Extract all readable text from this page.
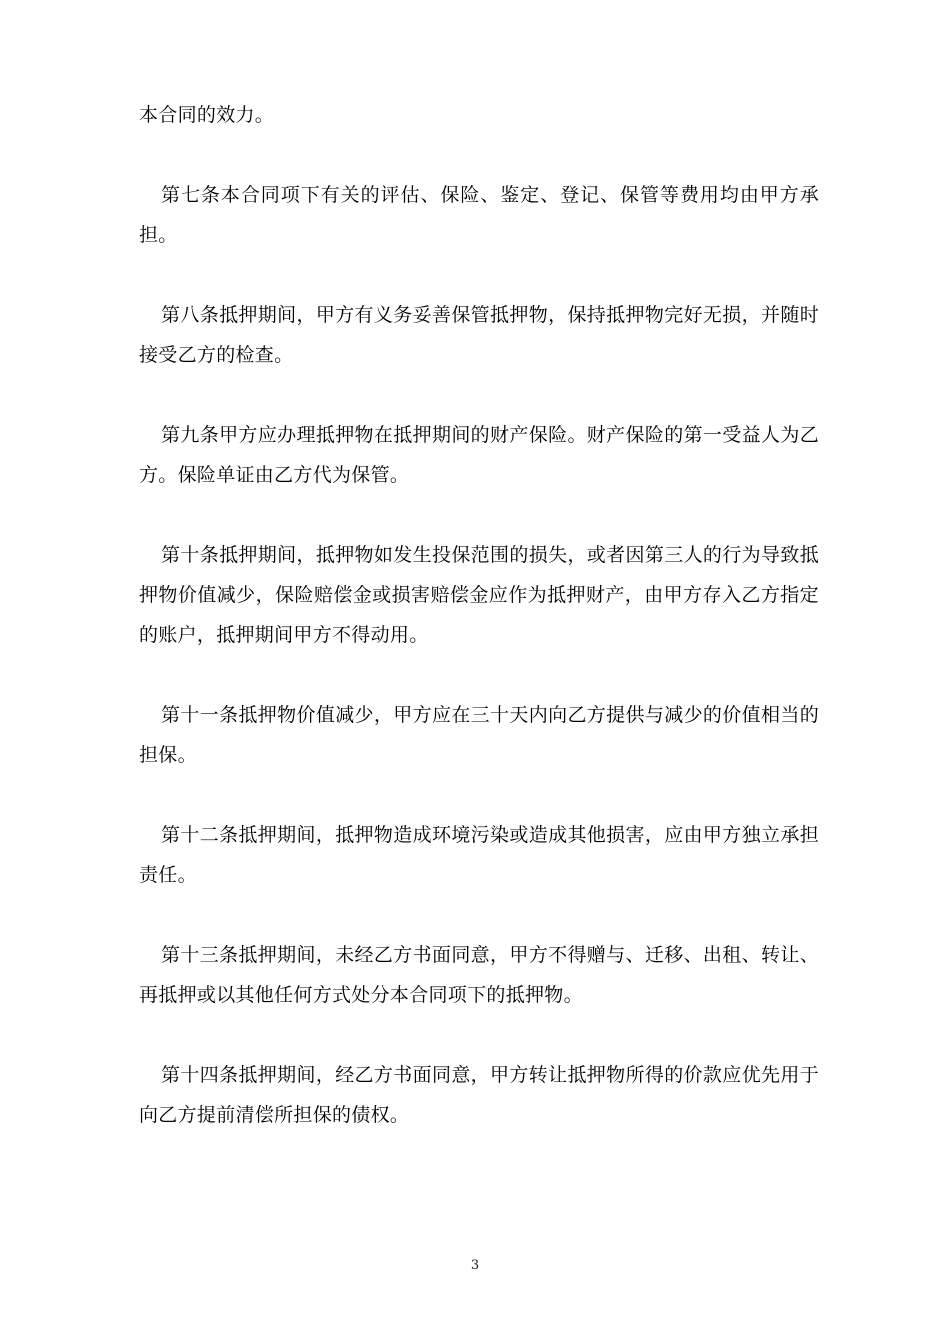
本合同的效力。

第七条本合同项下有关的评估、保险、鉴定、登记、保管等费用均由甲方承担。

第八条抵押期间，甲方有义务妥善保管抵押物，保持抵押物完好无损，并随时接受乙方的检查。

第九条甲方应办理抵押物在抵押期间的财产保险。财产保险的第一受益人为乙方。保险单证由乙方代为保管。

第十条抵押期间，抵押物如发生投保范围的损失，或者因第三人的行为导致抵押物价值减少，保险赔偿金或损害赔偿金应作为抵押财产，由甲方存入乙方指定的账户，抵押期间甲方不得动用。

第十一条抵押物价值减少，甲方应在三十天内向乙方提供与减少的价值相当的担保。

第十二条抵押期间，抵押物造成环境污染或造成其他损害，应由甲方独立承担责任。

第十三条抵押期间，未经乙方书面同意，甲方不得赠与、迁移、出租、转让、再抵押或以其他任何方式处分本合同项下的抵押物。

第十四条抵押期间，经乙方书面同意，甲方转让抵押物所得的价款应优先用于向乙方提前清偿所担保的债权。

3
